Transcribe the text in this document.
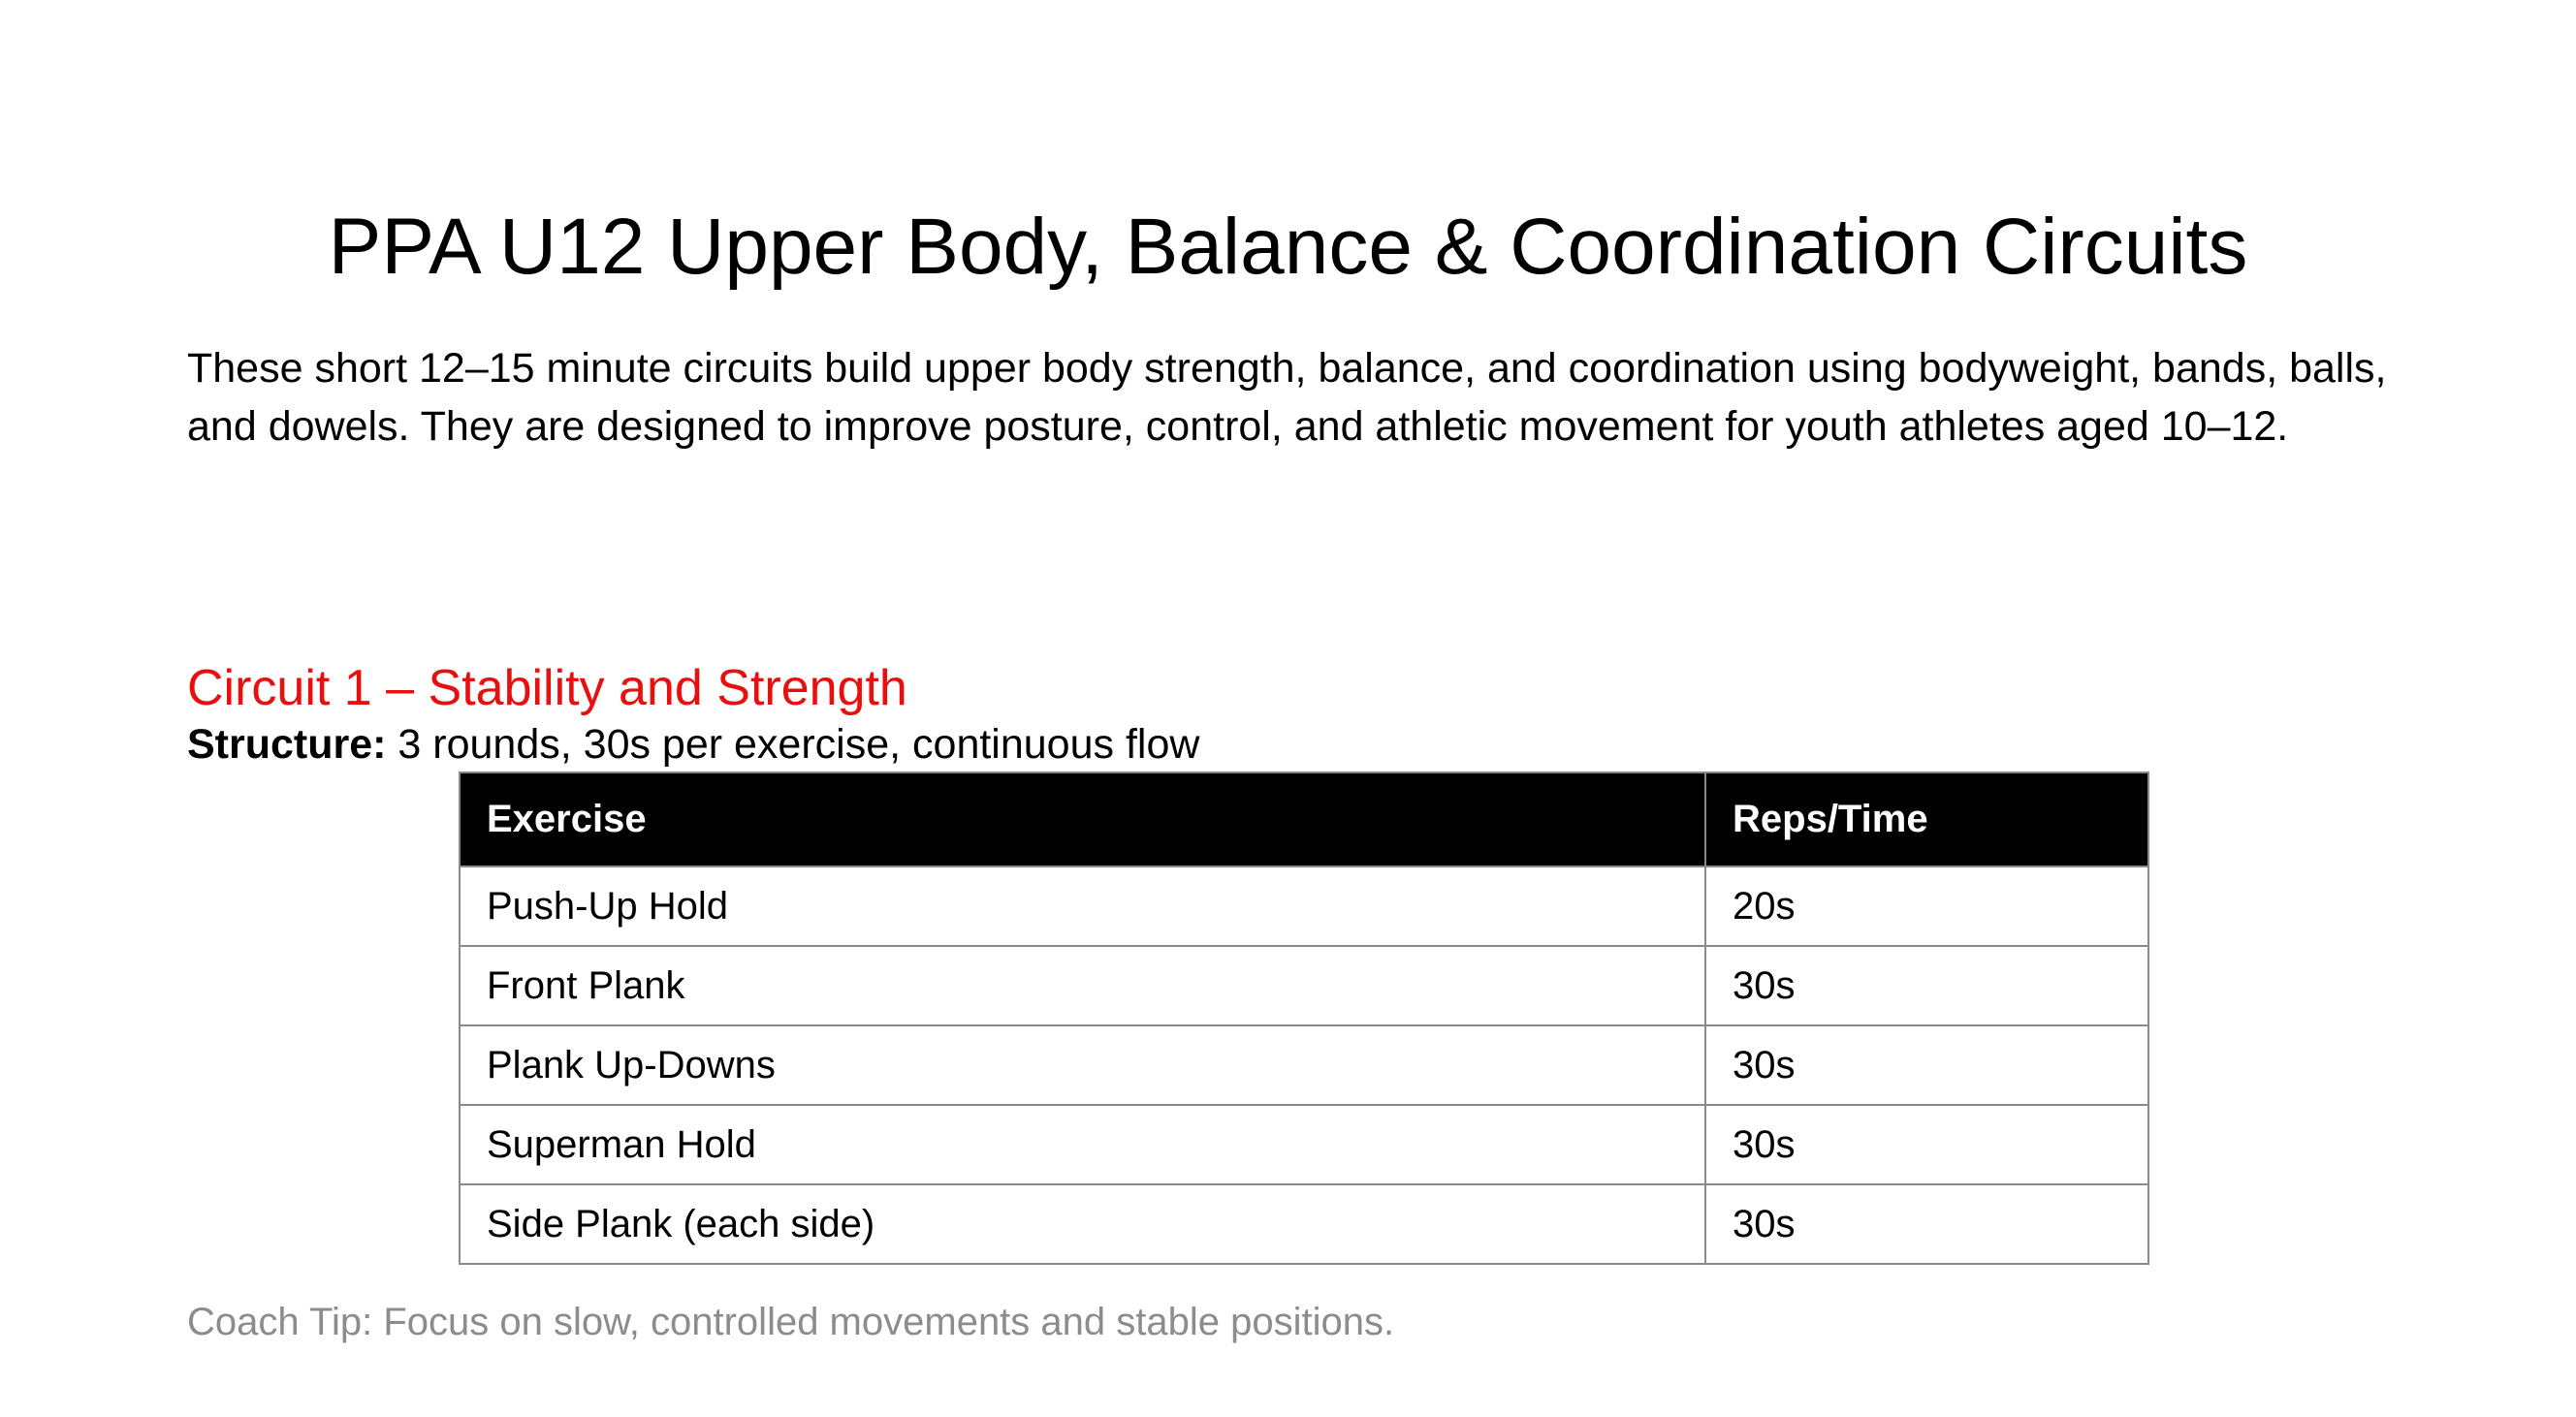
PPA U12 Upper Body, Balance & Coordination Circuits

These short 12–15 minute circuits build upper body strength, balance, and coordination using bodyweight, bands, balls, and dowels. They are designed to improve posture, control, and athletic movement for youth athletes aged 10–12.

Circuit 1 – Stability and Strength

Structure: 3 rounds, 30s per exercise, continuous flow

Exercise	Reps/Time
Push-Up Hold	20s
Front Plank	30s
Plank Up-Downs	30s
Superman Hold	30s
Side Plank (each side)	30s

Coach Tip: Focus on slow, controlled movements and stable positions.
